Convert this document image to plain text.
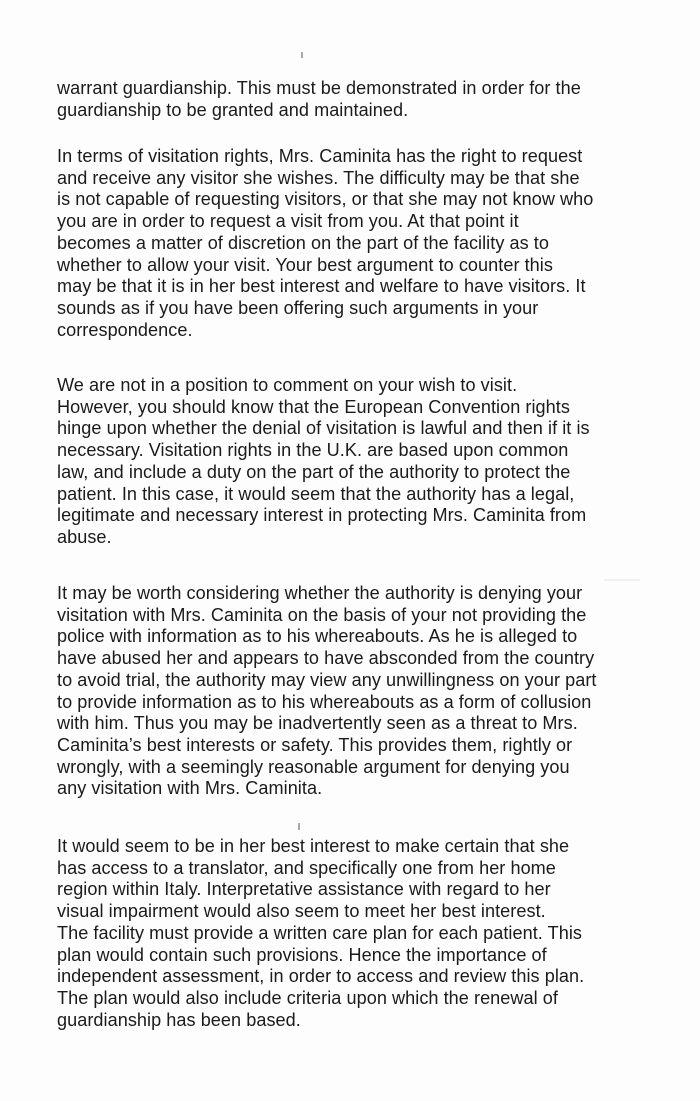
warrant guardianship. This must be demonstrated in order for the
guardianship to be granted and maintained.
In terms of visitation rights, Mrs. Caminita has the right to request
and receive any visitor she wishes. The difficulty may be that she
is not capable of requesting visitors, or that she may not know who
you are in order to request a visit from you. At that point it
becomes a matter of discretion on the part of the facility as to
whether to allow your visit. Your best argument to counter this
may be that it is in her best interest and welfare to have visitors. It
sounds as if you have been offering such arguments in your
correspondence.
We are not in a position to comment on your wish to visit.
However, you should know that the European Convention rights
hinge upon whether the denial of visitation is lawful and then if it is
necessary. Visitation rights in the U.K. are based upon common
law, and include a duty on the part of the authority to protect the
patient. In this case, it would seem that the authority has a legal,
legitimate and necessary interest in protecting Mrs. Caminita from
abuse.
It may be worth considering whether the authority is denying your
visitation with Mrs. Caminita on the basis of your not providing the
police with information as to his whereabouts. As he is alleged to
have abused her and appears to have absconded from the country
to avoid trial, the authority may view any unwillingness on your part
to provide information as to his whereabouts as a form of collusion
with him. Thus you may be inadvertently seen as a threat to Mrs.
Caminita’s best interests or safety. This provides them, rightly or
wrongly, with a seemingly reasonable argument for denying you
any visitation with Mrs. Caminita.
It would seem to be in her best interest to make certain that she
has access to a translator, and specifically one from her home
region within Italy. Interpretative assistance with regard to her
visual impairment would also seem to meet her best interest.
The facility must provide a written care plan for each patient. This
plan would contain such provisions. Hence the importance of
independent assessment, in order to access and review this plan.
The plan would also include criteria upon which the renewal of
guardianship has been based.
